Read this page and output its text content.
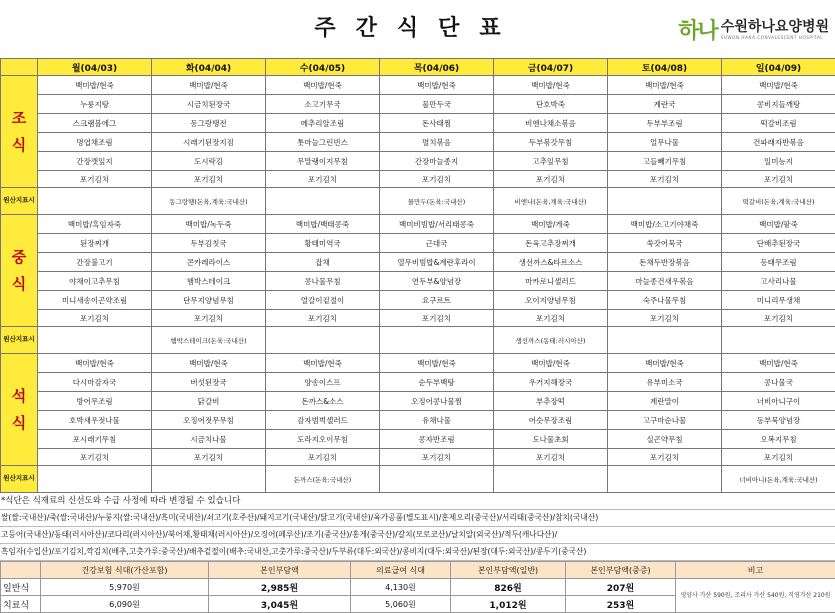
주간식단표	하나 수원하나요양병원
SUWON HANA CONVALESCENT HOSPITAL
	월(04/03)	화(04/04)	수(04/05)	목(04/06)	금(04/07)	토(04/08)	일(04/09)
조
식	백미밥/현죽	백미밥/현죽	백미밥/현죽	백미밥/현죽	백미밥/현죽	백미밥/현죽	백미밥/현죽
	누룽지탕	시금치된장국	소고기무국	물만두국	단호박죽	계란국	콩비지들깨탕
	스크램블에그	동그랑땡전	메추리알조림	돈사태찜	비엔나채소볶음	두부부조림	떡갈비조림
	명엽채조림	시래기된장지짐	톳마늘그린빈스	멸치볶음	두부볶갓무침	얼무나물	건파래자반볶음
	간장깻잎지	도시락김	무말랭이지무침	간장마늘종지	고추잎무침	고들빼기무침	일미능지
	포기김치	포기김치	포기김치	포기김치	포기김치	포기김치	포기김치
원산지표시		동그랑땡(돈육,계육:국내산)		물만두(돈육:국내산)	비엔나(돈육,계육:국내산)		떡갈비(돈육,계육:국내산)
중
식	백미밥/흑임자죽	백미밥/녹두죽	백미밥/백태콩죽	백미비빔밥/서리태콩죽	백미밥/게죽	백미밥/소고기야채죽	백미밥/팥죽
	된장찌개	두부김칫국	황태미역국	근대국	돈육고추장찌개	쑥갓어묵국	단배추된장국
	간장불고기	콘카레라이스	잡채	열무비빔밥&계란후라이	생선까스&타르소스	돈채두반장볶음	동태무조림
	야채이고추무침	햄박스테이크	콩나물무침	연두부&양념장	마카로니샐러드	마늘종건새우볶음	고사리나물
	미니새송이곤약조림	단무지양념무침	얼갈이겉절이	요구르트	오이지양념무침	숙주나물무침	미니리무생채
	포기김치	포기김치	포기김치	포기김치	포기김치	포기김치	포기김치
원산지표시		햄박스테이크(돈육:국내산)			생선까스(동태:러시아산)		
석
식	백미밥/현죽	백미밥/현죽	백미밥/현죽	백미밥/현죽	백미밥/현죽	백미밥/현죽	백미밥/현죽
	다시마감자국	버섯된장국	양송이스프	순두부백탕	우거지해장국	유부미소국	콩나물국
	방어무조림	닭갈비	돈까스&소스	오징어콩나물찜	부추장떡	계란말이	너비아니구이
	호박새우젓나물	오징어젓무무침	감자범벅샐러드	유채나물	어슷무장조림	고구마순나물	동부묵양념장
	포시래기무침	시금치나물	도라지오이무침	콩자반조림	도나물초회	실곤약무침	오복지무침
	포기김치	포기김치	포기김치	포기김치	포기김치	포기김치	포기김치
원산지표시			돈까스(돈육:국내산)				너비아니(돈육,계육:국내산)
*식단은 식재료의 신선도와 수급 사정에 따라 변경될 수 있습니다
쌀(쌀:국내산)/죽(쌀:국내산)/누룽지(쌀:국내산)/흑미(국내산)/쇠고기(호주산)/돼지고기(국내산)/닭고기(국내산)/육가공품(별도표시)/훈제오리(중국산)/서리태(중국산)/참치(국내산)
고등어(국내산)/동태(러시아산)/코다리(러시아산)/북어채,황태채(러시아산)/오징어(페루산)/조기(중국산)/홍게(중국산)/갈치(모로코산)/날치알(외국산)/적두(캐나다산)/
흑임자(수입산)/포기김치,깍김치(배추,고춧가루:중국산)/배추겉절이(배추:국내산,고춧가루:중국산)/두부류(대두:외국산)/콩비지(대두:외국산)/된장(대두:외국산)/콩두기(중국산)
	건강보험 식대(가산포함)	본인부담액	의료급여 식대	본인부담액(일반)	본인부담액(중증)	비고
일반식	5,970원	2,985원	4,130원	826원	207원	영양사 가산 590원, 조리사 가산 540원, 직영가산 210원
치료식	6,090원	3,045원	5,060원	1,012원	253원	
